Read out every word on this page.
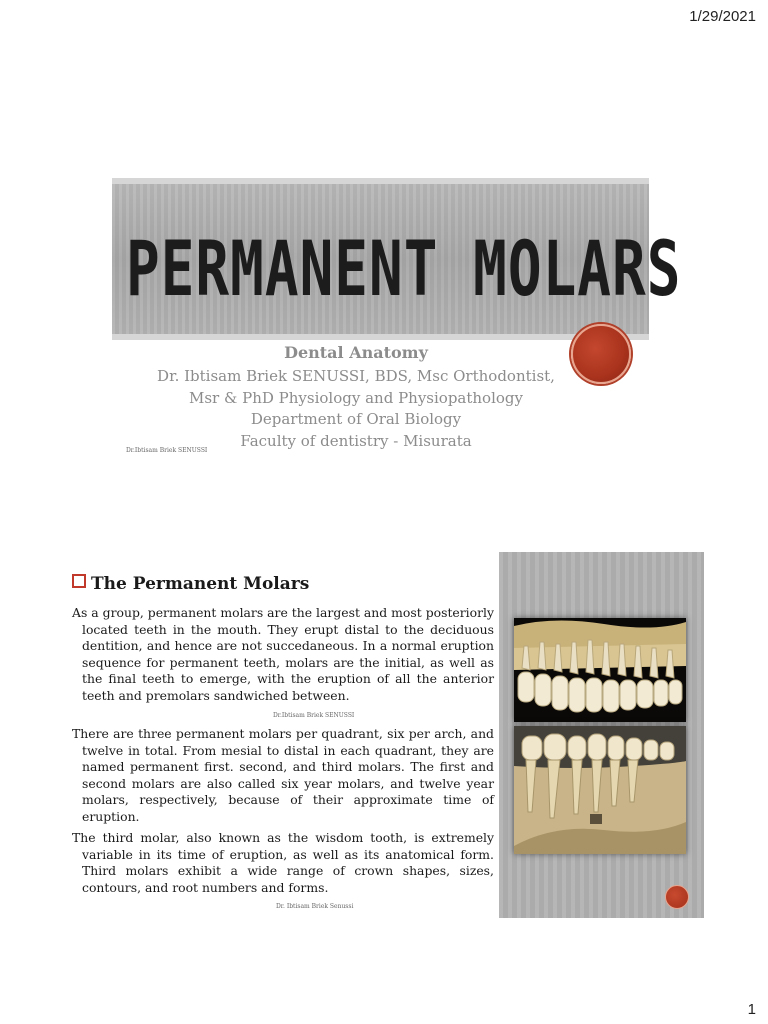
1/29/2021
PERMANENT MOLARS
Dental Anatomy
Dr. Ibtisam Briek SENUSSI, BDS, Msc Orthodontist,
Msr & PhD Physiology and Physiopathology
Department of Oral Biology
Faculty of dentistry - Misurata
Dr.Ibtisam Briek SENUSSI
The Permanent Molars
As a group, permanent molars are the largest and most posteriorly located teeth in the mouth. They erupt distal to the deciduous dentition, and hence are not succedaneous. In a normal eruption sequence for permanent teeth, molars are the initial, as well as the final teeth to emerge, with the eruption of all the anterior teeth and premolars sandwiched between.
Dr.Ibtisam Briek SENUSSI
There are three permanent molars per quadrant, six per arch, and twelve in total. From mesial to distal in each quadrant, they are named permanent first. second, and third molars. The first and second molars are also called six year molars, and twelve year molars, respectively, because of their approximate time of eruption.
The third molar, also known as the wisdom tooth, is extremely variable in its time of eruption, as well as its anatomical form. Third molars exhibit a wide range of crown shapes, sizes, contours, and root numbers and forms.
Dr. Ibtisam Briek Senussi
1
